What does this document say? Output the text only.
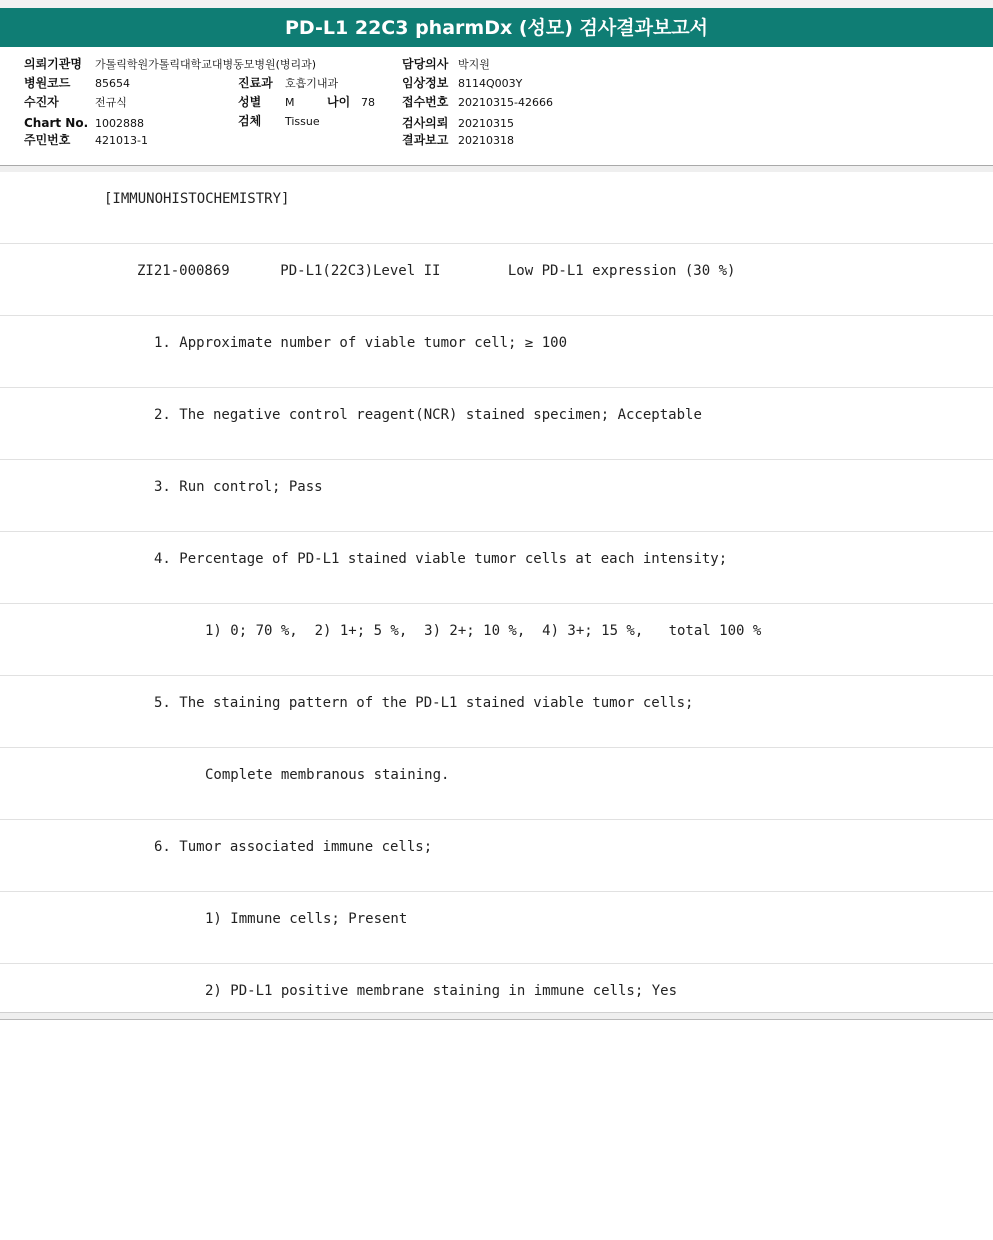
PD-L1 22C3 pharmDx (성모) 검사결과보고서
의뢰기관명 가톨릭학원가톨릭대학교대병동모병원(병리과)
병원코드 85654
수진자	전규식
Chart No. 1002888
주민번호 421013-1
진료과 호흡기내과
성별 M	나이 78
검체 Tissue
담당의사 박지원
임상정보 8114Q003Y
접수번호 20210315-42666
검사의뢰 20210315
결과보고 20210318

[IMMUNOHISTOCHEMISTRY]

ZI21-000869      PD-L1(22C3)Level II        Low PD-L1 expression (30 %)

1. Approximate number of viable tumor cell; ≥ 100

2. The negative control reagent(NCR) stained specimen; Acceptable

3. Run control; Pass

4. Percentage of PD-L1 stained viable tumor cells at each intensity;

1) 0; 70 %,  2) 1+; 5 %,  3) 2+; 10 %,  4) 3+; 15 %,   total 100 %

5. The staining pattern of the PD-L1 stained viable tumor cells;

Complete membranous staining.

6. Tumor associated immune cells;

1) Immune cells; Present

2) PD-L1 positive membrane staining in immune cells; Yes
